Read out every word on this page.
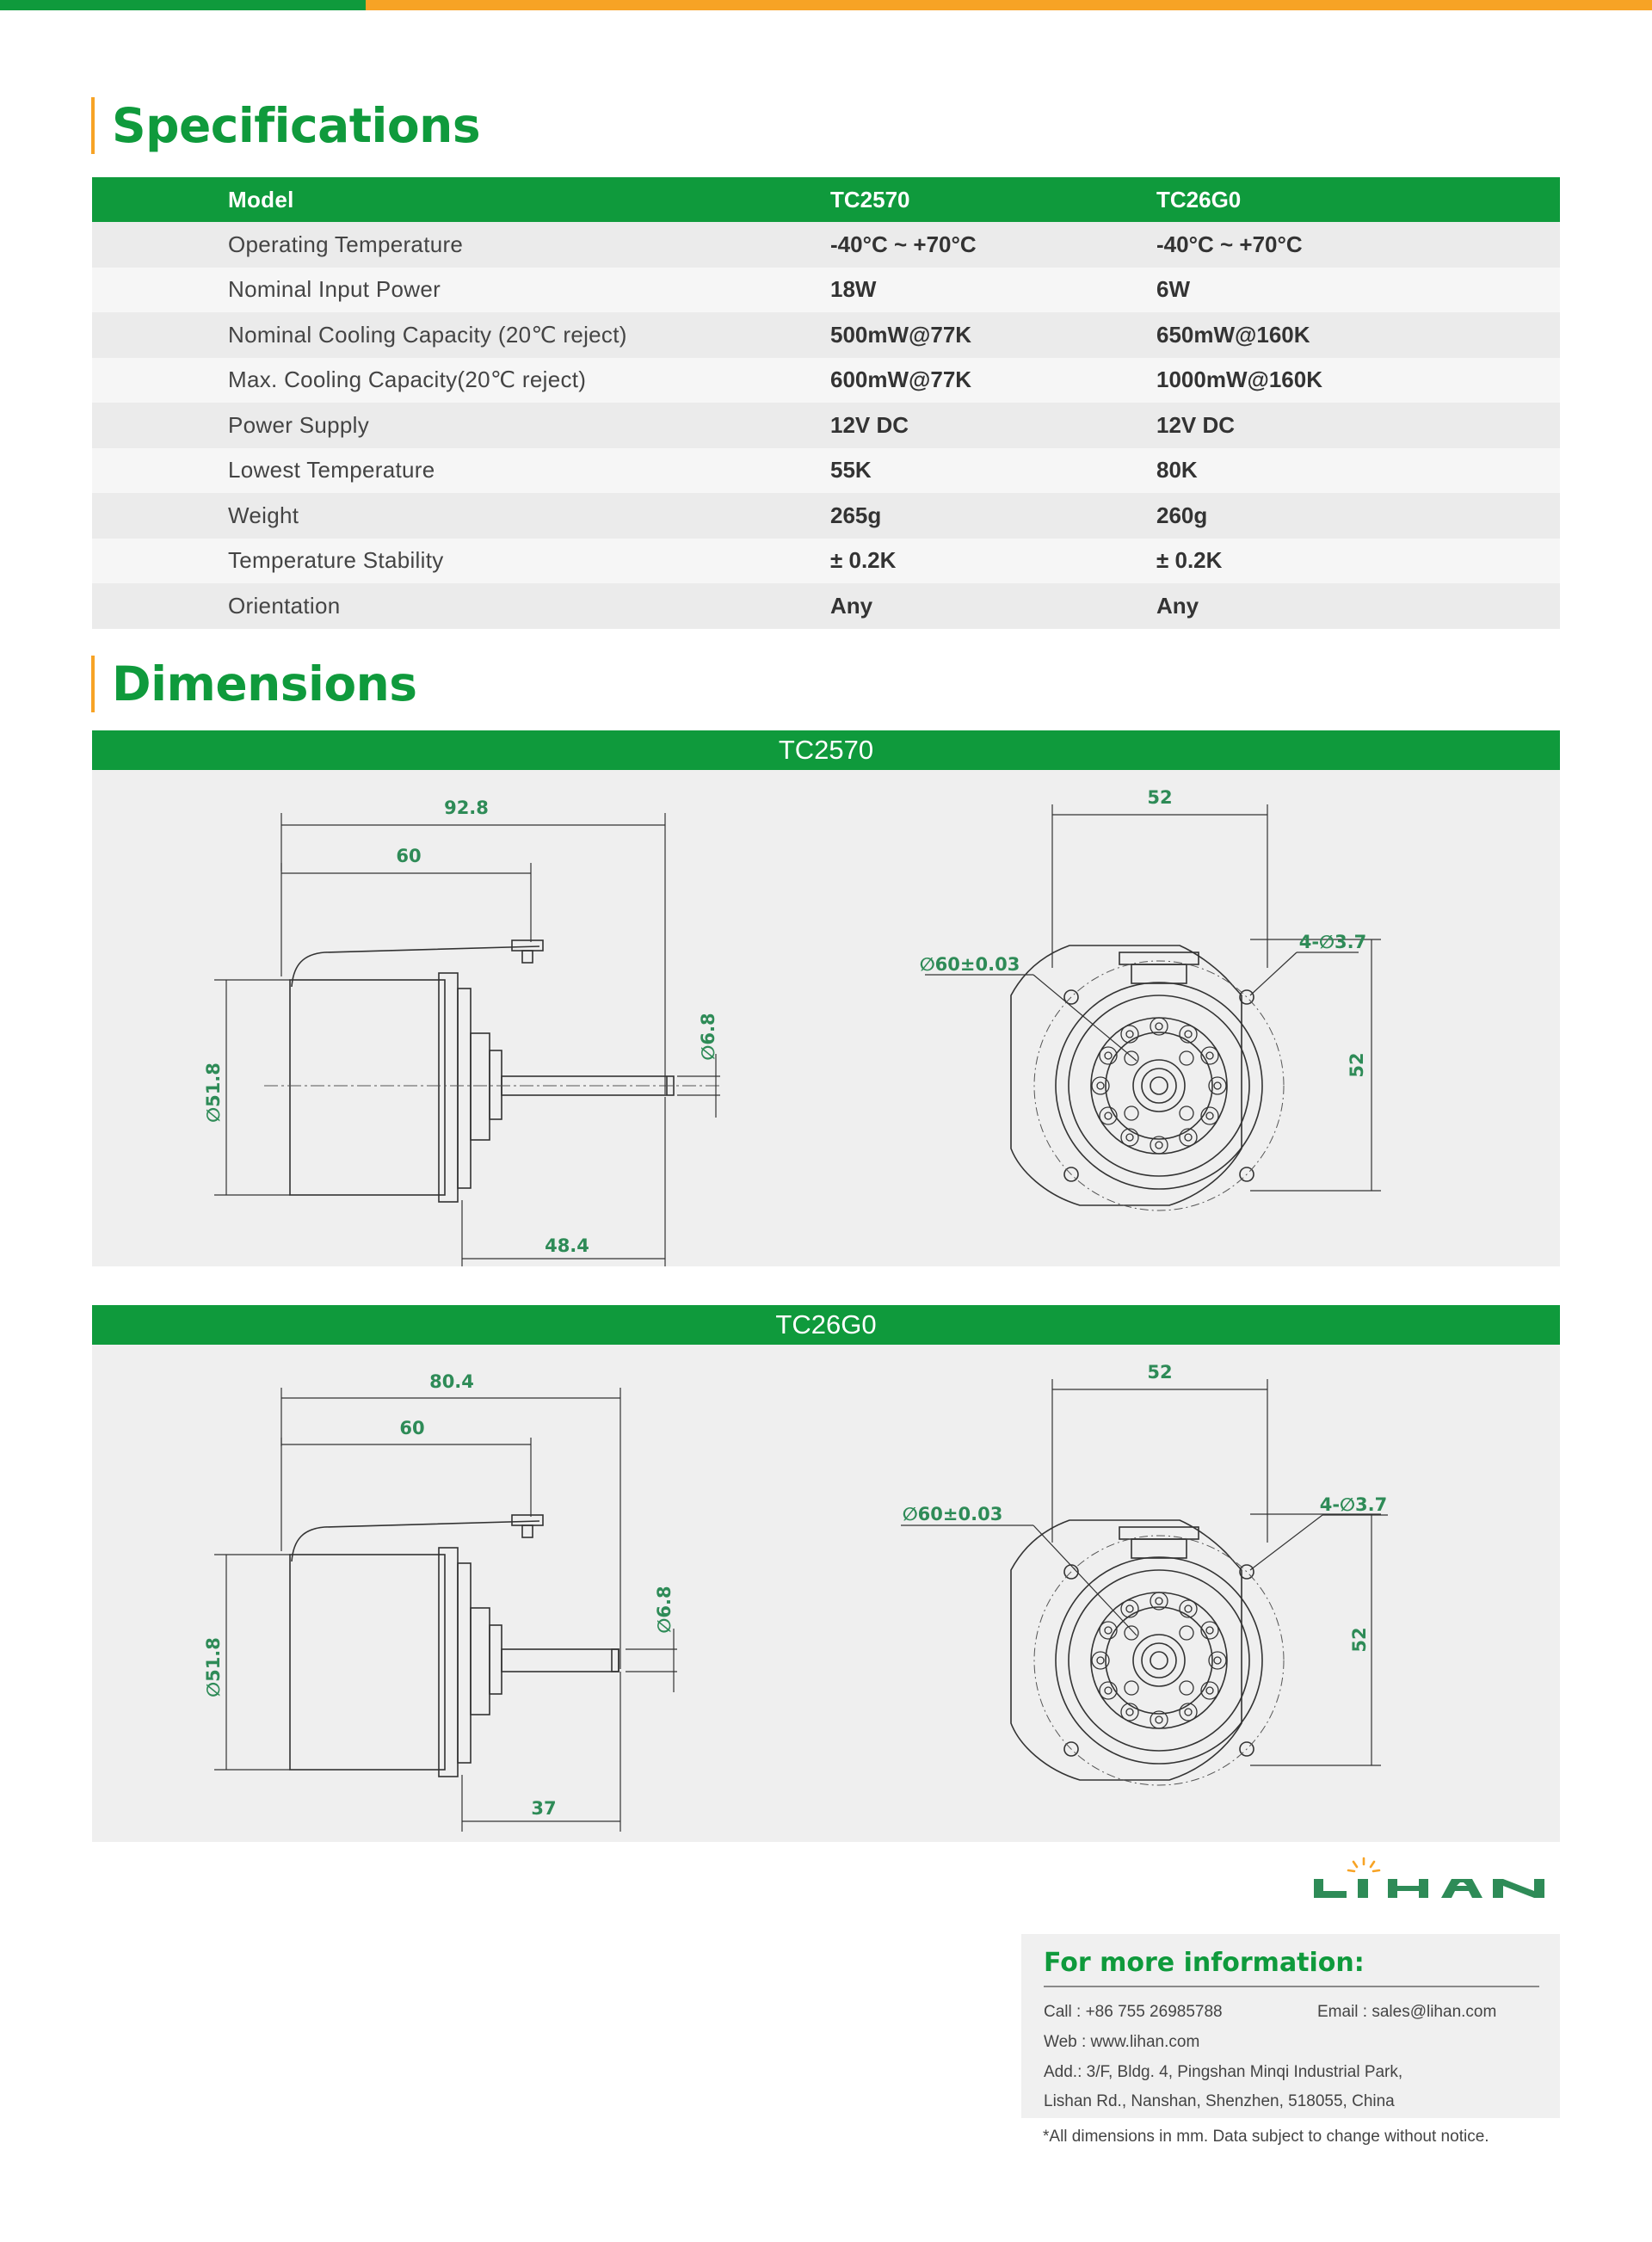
Specifications
Model	TC2570	TC26G0
Operating Temperature	-40°C ~ +70°C	-40°C ~ +70°C
Nominal Input Power	18W	6W
Nominal Cooling Capacity (20℃ reject)	500mW@77K	650mW@160K
Max. Cooling Capacity(20℃ reject)	600mW@77K	1000mW@160K
Power Supply	12V DC	12V DC
Lowest Temperature	55K	80K
Weight	265g	260g
Temperature Stability	± 0.2K	± 0.2K
Orientation	Any	Any
Dimensions
TC2570
92.8
60
∅51.8
∅6.8
48.4
52
52
∅60±0.03
4-∅3.7
TC26G0
80.4
60
∅51.8
∅6.8
37
52
52
∅60±0.03	4-∅3.7
LIHAN
For more information:
Call : +86 755 26985788	Email : sales@lihan.com
Web : www.lihan.com
Add.: 3/F, Bldg. 4, Pingshan Minqi Industrial Park,
Lishan Rd., Nanshan, Shenzhen, 518055, China
*All dimensions in mm. Data subject to change without notice.
